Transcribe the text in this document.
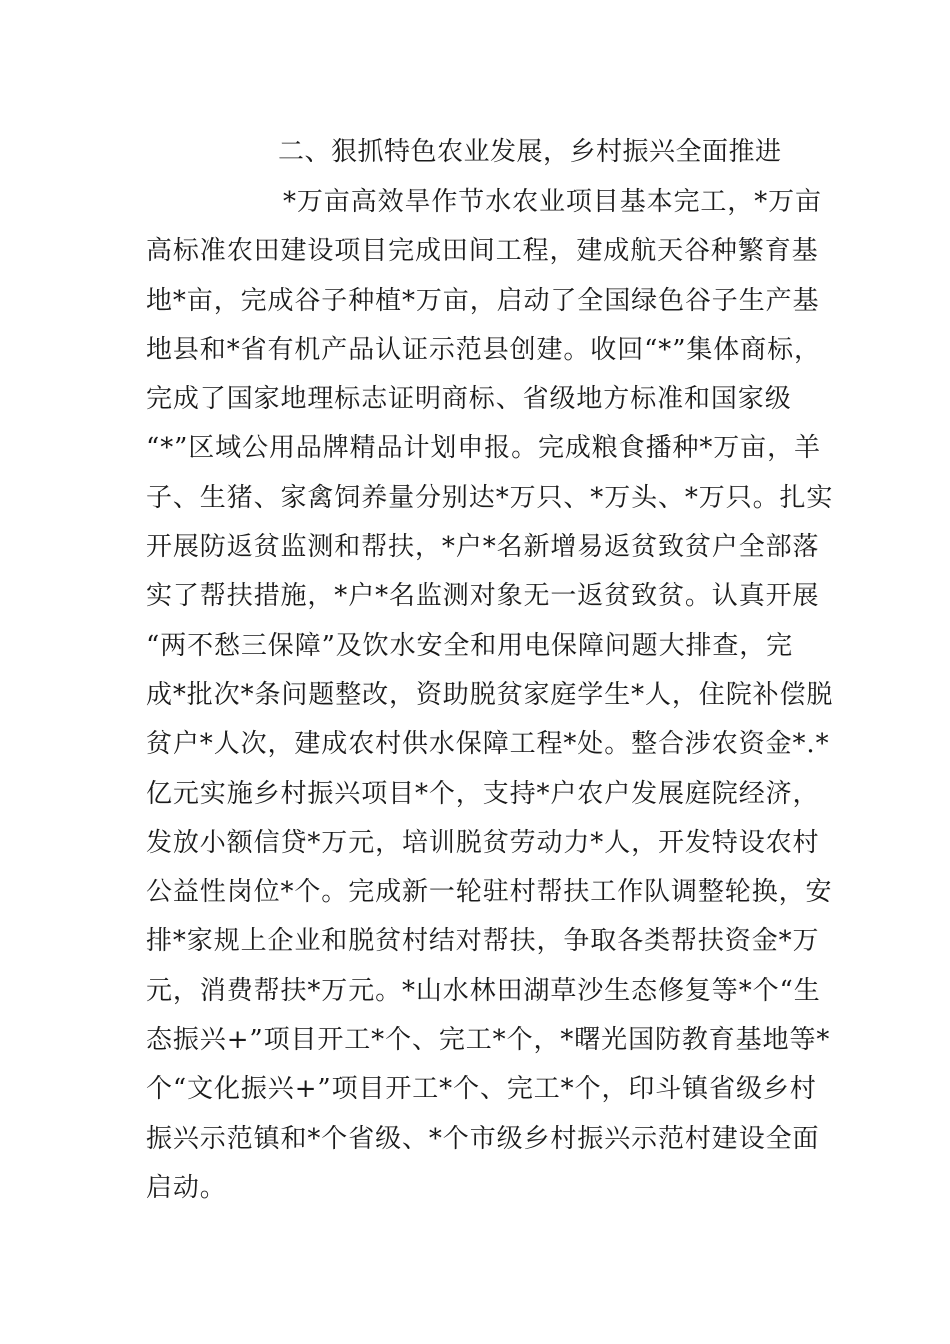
二、狠抓特色农业发展，乡村振兴全面推进
*万亩高效旱作节水农业项目基本完工，*万亩
高标准农田建设项目完成田间工程，建成航天谷种繁育基
地*亩，完成谷子种植*万亩，启动了全国绿色谷子生产基
地县和*省有机产品认证示范县创建。收回“*”集体商标，
完成了国家地理标志证明商标、省级地方标准和国家级
“*”区域公用品牌精品计划申报。完成粮食播种*万亩，羊
子、生猪、家禽饲养量分别达*万只、*万头、*万只。扎实
开展防返贫监测和帮扶，*户*名新增易返贫致贫户全部落
实了帮扶措施，*户*名监测对象无一返贫致贫。认真开展
“两不愁三保障”及饮水安全和用电保障问题大排查，完
成*批次*条问题整改，资助脱贫家庭学生*人，住院补偿脱
贫户*人次，建成农村供水保障工程*处。整合涉农资金*.*
亿元实施乡村振兴项目*个，支持*户农户发展庭院经济，
发放小额信贷*万元，培训脱贫劳动力*人，开发特设农村
公益性岗位*个。完成新一轮驻村帮扶工作队调整轮换，安
排*家规上企业和脱贫村结对帮扶，争取各类帮扶资金*万
元，消费帮扶*万元。*山水林田湖草沙生态修复等*个“生
态振兴+”项目开工*个、完工*个，*曙光国防教育基地等*
个“文化振兴+”项目开工*个、完工*个，印斗镇省级乡村
振兴示范镇和*个省级、*个市级乡村振兴示范村建设全面
启动。
